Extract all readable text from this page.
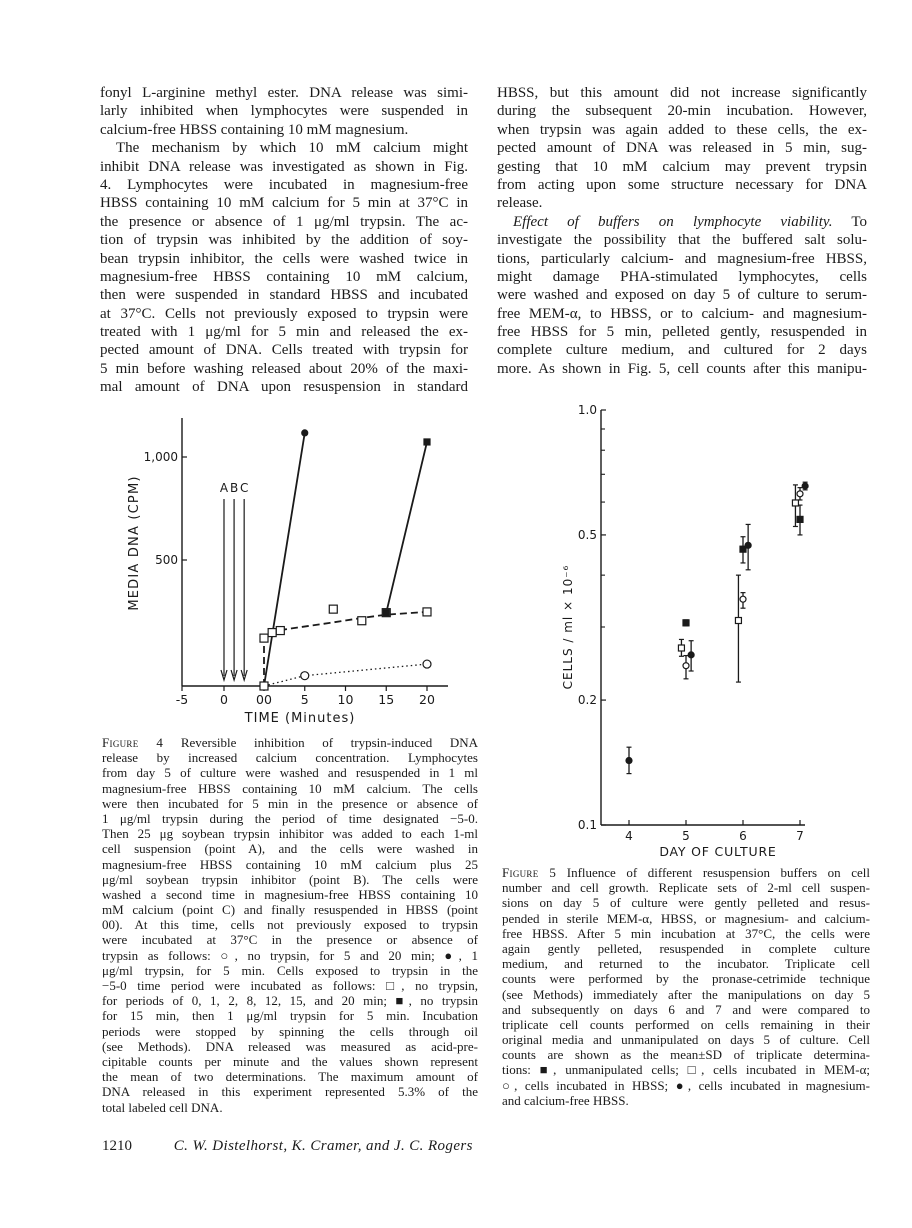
fonyl L-arginine methyl ester. DNA release was simi-
larly inhibited when lymphocytes were suspended in
calcium-free HBSS containing 10 mM magnesium.
The mechanism by which 10 mM calcium might
inhibit DNA release was investigated as shown in Fig.
4. Lymphocytes were incubated in magnesium-free
HBSS containing 10 mM calcium for 5 min at 37°C in
the presence or absence of 1 μg/ml trypsin. The ac-
tion of trypsin was inhibited by the addition of soy-
bean trypsin inhibitor, the cells were washed twice in
magnesium-free HBSS containing 10 mM calcium,
then were suspended in standard HBSS and incubated
at 37°C. Cells not previously exposed to trypsin were
treated with 1 μg/ml for 5 min and released the ex-
pected amount of DNA. Cells treated with trypsin for
5 min before washing released about 20% of the maxi-
mal amount of DNA upon resuspension in standard
HBSS, but this amount did not increase significantly
during the subsequent 20-min incubation. However,
when trypsin was again added to these cells, the ex-
pected amount of DNA was released in 5 min, sug-
gesting that 10 mM calcium may prevent trypsin
from acting upon some structure necessary for DNA
release.
Effect of buffers on lymphocyte viability. To
investigate the possibility that the buffered salt solu-
tions, particularly calcium- and magnesium-free HBSS,
might damage PHA-stimulated lymphocytes, cells
were washed and exposed on day 5 of culture to serum-
free MEM-α, to HBSS, or to calcium- and magnesium-
free HBSS for 5 min, pelleted gently, resuspended in
complete culture medium, and cultured for 2 days
more. As shown in Fig. 5, cell counts after this manipu-
500
1,000
-5	0 00 5 10 15 20
TIME (Minutes)
MEDIA DNA (CPM)	A B C
0.1
0.2
0.5
1.0
4	5	6	7
DAY OF CULTURE
CELLS / ml × 10⁻⁶
Figure 4 Reversible inhibition of trypsin-induced DNA
release by increased calcium concentration. Lymphocytes
from day 5 of culture were washed and resuspended in 1 ml
magnesium-free HBSS containing 10 mM calcium. The cells
were then incubated for 5 min in the presence or absence of
1 μg/ml trypsin during the period of time designated −5-0.
Then 25 μg soybean trypsin inhibitor was added to each 1-ml
cell suspension (point A), and the cells were washed in
magnesium-free HBSS containing 10 mM calcium plus 25
μg/ml soybean trypsin inhibitor (point B). The cells were
washed a second time in magnesium-free HBSS containing 10
mM calcium (point C) and finally resuspended in HBSS (point
00). At this time, cells not previously exposed to trypsin
were incubated at 37°C in the presence or absence of
trypsin as follows: ○, no trypsin, for 5 and 20 min; ●, 1
μg/ml trypsin, for 5 min. Cells exposed to trypsin in the
−5-0 time period were incubated as follows: □, no trypsin,
for periods of 0, 1, 2, 8, 12, 15, and 20 min; ■, no trypsin
for 15 min, then 1 μg/ml trypsin for 5 min. Incubation
periods were stopped by spinning the cells through oil
(see Methods). DNA released was measured as acid-pre-
cipitable counts per minute and the values shown represent
the mean of two determinations. The maximum amount of
DNA released in this experiment represented 5.3% of the
total labeled cell DNA.
Figure 5 Influence of different resuspension buffers on cell
number and cell growth. Replicate sets of 2-ml cell suspen-
sions on day 5 of culture were gently pelleted and resus-
pended in sterile MEM-α, HBSS, or magnesium- and calcium-
free HBSS. After 5 min incubation at 37°C, the cells were
again gently pelleted, resuspended in complete culture
medium, and returned to the incubator. Triplicate cell
counts were performed by the pronase-cetrimide technique
(see Methods) immediately after the manipulations on day 5
and subsequently on days 6 and 7 and were compared to
triplicate cell counts performed on cells remaining in their
original media and unmanipulated on days 5 of culture. Cell
counts are shown as the mean±SD of triplicate determina-
tions: ■, unmanipulated cells; □, cells incubated in MEM-α;
○, cells incubated in HBSS; ●, cells incubated in magnesium-
and calcium-free HBSS.
1210	C. W. Distelhorst, K. Cramer, and J. C. Rogers
